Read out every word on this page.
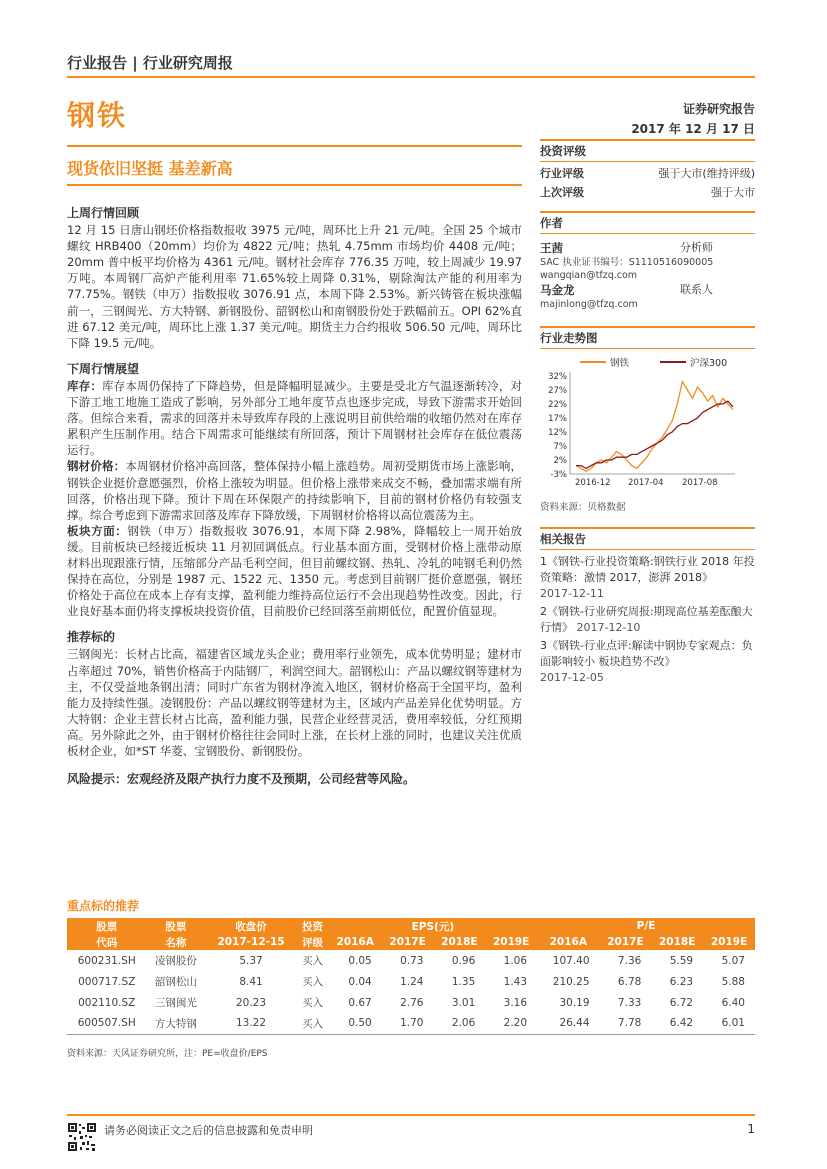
行业报告 | 行业研究周报
钢铁	证券研究报告
2017 年 12 月 17 日
现货依旧坚挺 基差新高
上周行情回顾
12 月 15 日唐山钢坯价格指数报收 3975 元/吨，周环比上升 21 元/吨。全国 25 个城市螺纹 HRB400（20mm）均价为 4822 元/吨；热轧 4.75mm 市场均价 4408 元/吨；20mm 普中板平均价格为 4361 元/吨。钢材社会库存 776.35 万吨，较上周减少 19.97 万吨。本周钢厂高炉产能利用率 71.65%较上周降 0.31%，剔除淘汰产能的利用率为 77.75%。钢铁（申万）指数报收 3076.91 点，本周下降 2.53%。新兴铸管在板块涨幅前一，三钢闽光、方大特钢、新钢股份、韶钢松山和南钢股份处于跌幅前五。OPI 62%直进 67.12 美元/吨，周环比上涨 1.37 美元/吨。期货主力合约报收 506.50 元/吨，周环比下降 19.5 元/吨。
下周行情展望
库存：库存本周仍保持了下降趋势，但是降幅明显减少。主要是受北方气温逐渐转冷，对下游工地工地施工造成了影响，另外部分工地年度节点也逐步完成，导致下游需求开始回落。但综合来看，需求的回落并未导致库存段的上涨说明目前供给端的收缩仍然对在库存累积产生压制作用。结合下周需求可能继续有所回落，预计下周钢材社会库存在低位震荡运行。
钢材价格：本周钢材价格冲高回落，整体保持小幅上涨趋势。周初受期货市场上涨影响，钢铁企业挺价意愿强烈，价格上涨较为明显。但价格上涨带来成交不畅，叠加需求端有所回落，价格出现下降。预计下周在环保限产的持续影响下，目前的钢材价格仍有较强支撑。综合考虑到下游需求回落及库存下降放缓，下周钢材价格将以高位震荡为主。
板块方面：钢铁（申万）指数报收 3076.91，本周下降 2.98%，降幅较上一周开始放缓。目前板块已经接近板块 11 月初回调低点。行业基本面方面，受钢材价格上涨带动原材料出现跟涨行情，压缩部分产品毛利空间，但目前螺纹钢、热轧、冷轧的吨钢毛利仍然保持在高位，分别是 1987 元、1522 元、1350 元。考虑到目前钢厂挺价意愿强，钢坯价格处于高位在成本上存有支撑，盈利能力维持高位运行不会出现趋势性改变。因此，行业良好基本面仍将支撑板块投资价值，目前股价已经回落至前期低位，配置价值显现。
推荐标的
三钢闽光：长材占比高，福建省区域龙头企业；费用率行业领先，成本优势明显；建材市占率超过 70%，销售价格高于内陆钢厂，利润空间大。韶钢松山：产品以螺纹钢等建材为主，不仅受益地条钢出清；同时广东省为钢材净流入地区，钢材价格高于全国平均，盈利能力及持续性强。凌钢股份：产品以螺纹钢等建材为主，区域内产品差异化优势明显。方大特钢：企业主营长材占比高，盈利能力强，民营企业经营灵活，费用率较低，分红预期高。另外除此之外，由于钢材价格往往会同时上涨，在长材上涨的同时，也建议关注优质板材企业，如*ST 华菱、宝钢股份、新钢股份。
风险提示：宏观经济及限产执行力度不及预期，公司经营等风险。
投资评级
行业评级	强于大市(维持评级)
上次评级	强于大市
作者
王茜	分析师
SAC 执业证书编号：S1110516090005
wangqian@tfzq.com
马金龙	联系人
majinlong@tfzq.com
行业走势图
钢铁	沪深300
32%
27%
22%
17%
12%
7%
2%
-3%
2016-12 2017-04 2017-08
资料来源：贝格数据
相关报告
1《钢铁-行业投资策略:钢铁行业 2018 年投资策略：激情 2017，澎湃 2018》
2017-12-11
2《钢铁-行业研究周报:期现高位基差酝酿大行情》 2017-12-10
3《钢铁-行业点评:解读中钢协专家观点：负面影响较小 板块趋势不改》
2017-12-05
重点标的推荐
股票	股票	收盘价	投资	EPS(元)				P/E			
代码	名称	2017-12-15	评级	2016A	2017E	2018E	2019E	2016A	2017E	2018E	2019E
600231.SH	凌钢股份	5.37	买入	0.05	0.73	0.96	1.06	107.40	7.36	5.59	5.07
000717.SZ	韶钢松山	8.41	买入	0.04	1.24	1.35	1.43	210.25	6.78	6.23	5.88
002110.SZ	三钢闽光	20.23	买入	0.67	2.76	3.01	3.16	30.19	7.33	6.72	6.40
600507.SH	方大特钢	13.22	买入	0.50	1.70	2.06	2.20	26.44	7.78	6.42	6.01
资料来源：天风证券研究所，注：PE=收盘价/EPS
请务必阅读正文之后的信息披露和免责申明	1
